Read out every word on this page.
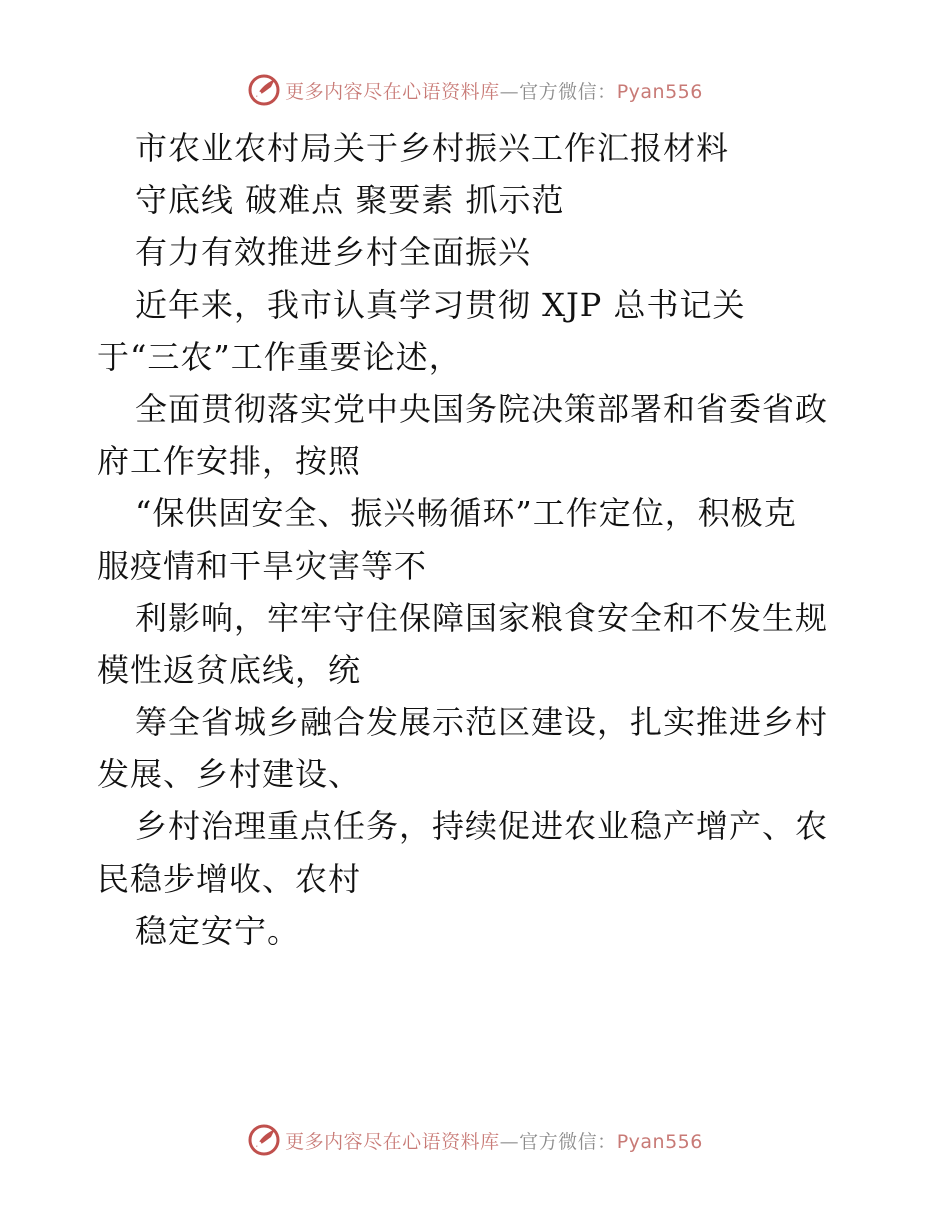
更多内容尽在心语资料库—官方微信：Pyan556
市农业农村局关于乡村振兴工作汇报材料
守底线 破难点 聚要素 抓示范
有力有效推进乡村全面振兴
近年来，我市认真学习贯彻 XJP 总书记关
于“三农”工作重要论述，
全面贯彻落实党中央国务院决策部署和省委省政
府工作安排，按照
“保供固安全、振兴畅循环”工作定位，积极克
服疫情和干旱灾害等不
利影响，牢牢守住保障国家粮食安全和不发生规
模性返贫底线，统
筹全省城乡融合发展示范区建设，扎实推进乡村
发展、乡村建设、
乡村治理重点任务，持续促进农业稳产增产、农
民稳步增收、农村
稳定安宁。
更多内容尽在心语资料库—官方微信：Pyan556
